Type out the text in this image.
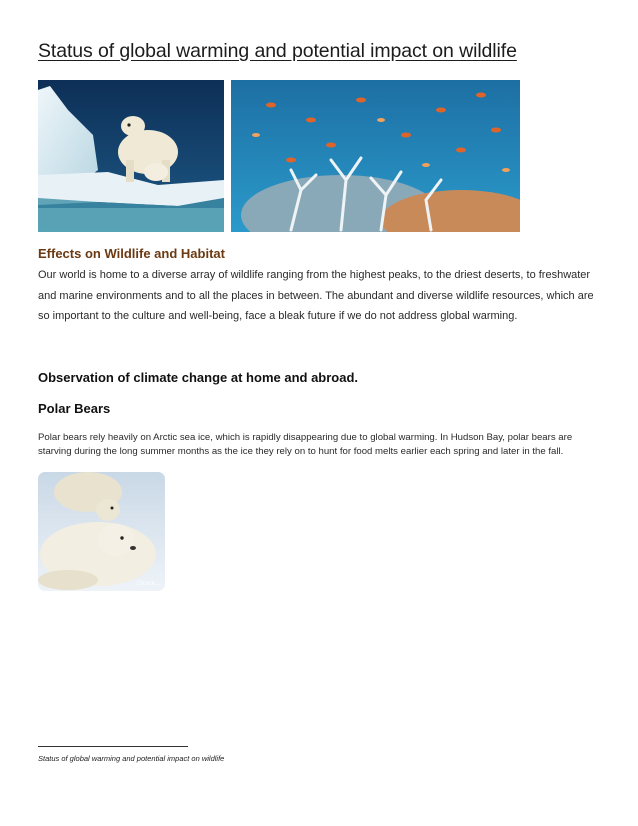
Status of global warming and potential impact on wildlife
Effects on Wildlife and Habitat
Our world is home to a diverse array of wildlife ranging from the highest peaks, to the driest deserts, to freshwater and marine environments and to all the places in between. The abundant and diverse wildlife resources, which are so important to the culture and well-being, face a bleak future if we do not address global warming.
Observation of climate change at home and abroad.
Polar Bears
Polar bears rely heavily on Arctic sea ice, which is rapidly disappearing due to global warming. In Hudson Bay, polar bears are starving during the long summer months as the ice they rely on to hunt for food melts earlier each spring and later in the fall.
iStock...
Status of global warming and potential impact on wildlife
